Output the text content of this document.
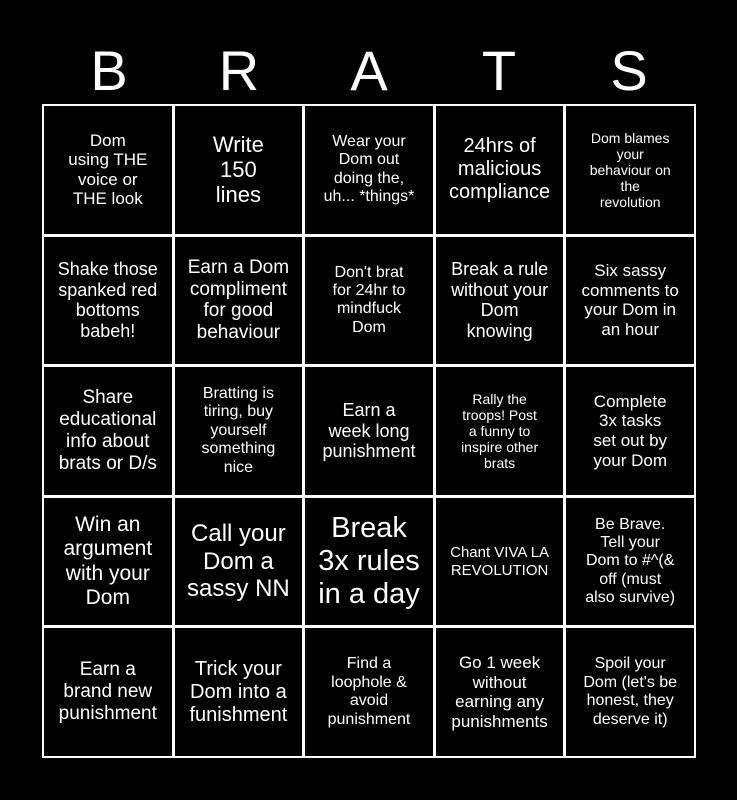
B	R	A	T	S
Dom
using THE
voice or
THE look
Write
150
lines
Wear your
Dom out
doing the,
uh... *things*
24hrs of
malicious
compliance
Dom blames
your
behaviour on
the
revolution
Shake those
spanked red
bottoms
babeh!
Earn a Dom
compliment
for good
behaviour
Don't brat
for 24hr to
mindfuck
Dom
Break a rule
without your
Dom
knowing
Six sassy
comments to
your Dom in
an hour
Share
educational
info about
brats or D/s
Bratting is
tiring, buy
yourself
something
nice
Earn a
week long
punishment
Rally the
troops! Post
a funny to
inspire other
brats
Complete
3x tasks
set out by
your Dom
Win an
argument
with your
Dom
Call your
Dom a
sassy NN
Break
3x rules
in a day
Chant VIVA LA
REVOLUTION
Be Brave.
Tell your
Dom to #^(&
off (must
also survive)
Earn a
brand new
punishment
Trick your
Dom into a
funishment
Find a
loophole &
avoid
punishment
Go 1 week
without
earning any
punishments
Spoil your
Dom (let's be
honest, they
deserve it)
